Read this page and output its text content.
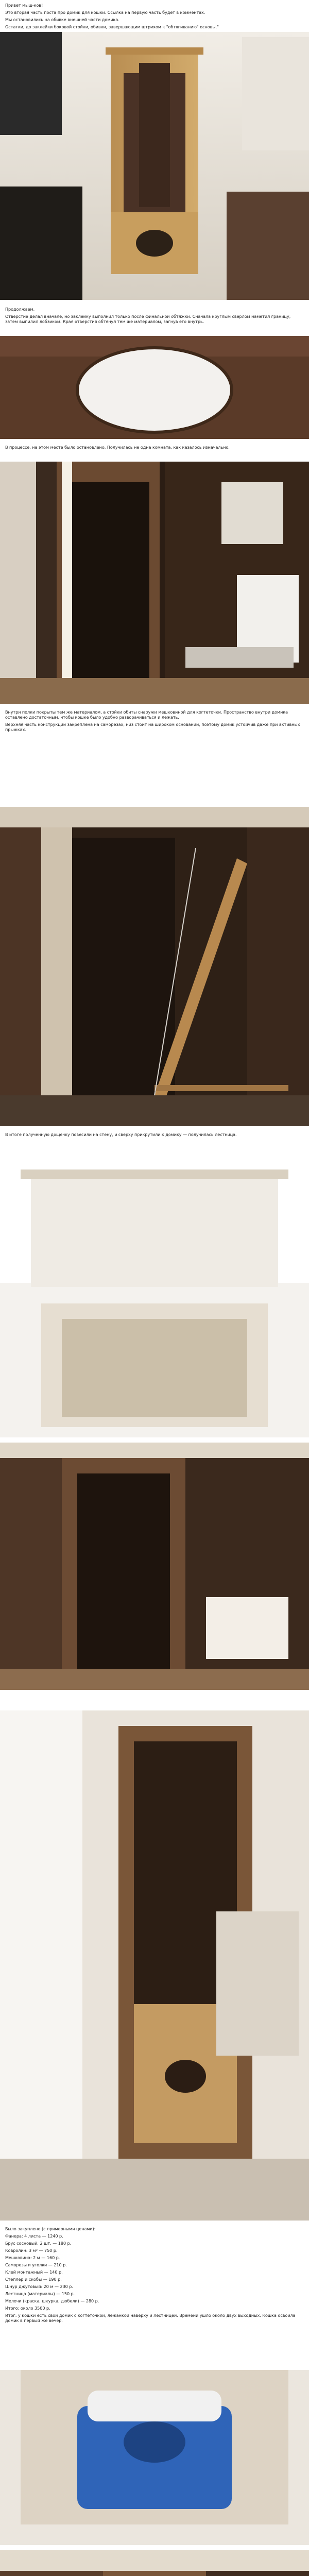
Привет мыш-ков!

Это вторая часть поста про домик для кошки. Ссылка на первую часть будет в комментах.

Мы остановились на обивке внешней части домика.

Остатки, до заклейки боковой стойки, обивки, завершающим штрихом к "обтягиванию" основы."

Продолжаем.

Отверстие делал вначале, но заклейку выполнил только после финальной обтяжки. Сначала круглым сверлом наметил границу, затем выпилил лобзиком. Края отверстия обтянул тем же материалом, загнув его внутрь.

В процессе, на этом месте было остановлено. Получилась не одна комната, как казалось изначально.

Внутри полки покрыты тем же материалом, а стойки обиты снаружи мешковиной для когтеточки. Пространство внутри домика оставлено достаточным, чтобы кошке было удобно разворачиваться и лежать.

Верхняя часть конструкции закреплена на саморезах, низ стоит на широком основании, поэтому домик устойчив даже при активных прыжках.

В итоге полученную дощечку повесили на стену, и сверху прикрутили к домику — получилась лестница.

Было закуплено (с примерными ценами):

Фанера: 4 листа — 1240 р.

Брус сосновый: 2 шт. — 180 р.

Ковролин: 3 м² — 750 р.

Мешковина: 2 м — 160 р.

Саморезы и уголки — 210 р.

Клей монтажный — 140 р.

Степлер и скобы — 190 р.

Шнур джутовый: 20 м — 230 р.

Лестница (материалы) — 150 р.

Мелочи (краска, шкурка, дюбели) — 280 р.

Итого: около 3500 р.

Итог: у кошки есть свой домик с когтеточкой, лежанкой наверху и лестницей. Времени ушло около двух выходных. Кошка освоила домик в первый же вечер.
